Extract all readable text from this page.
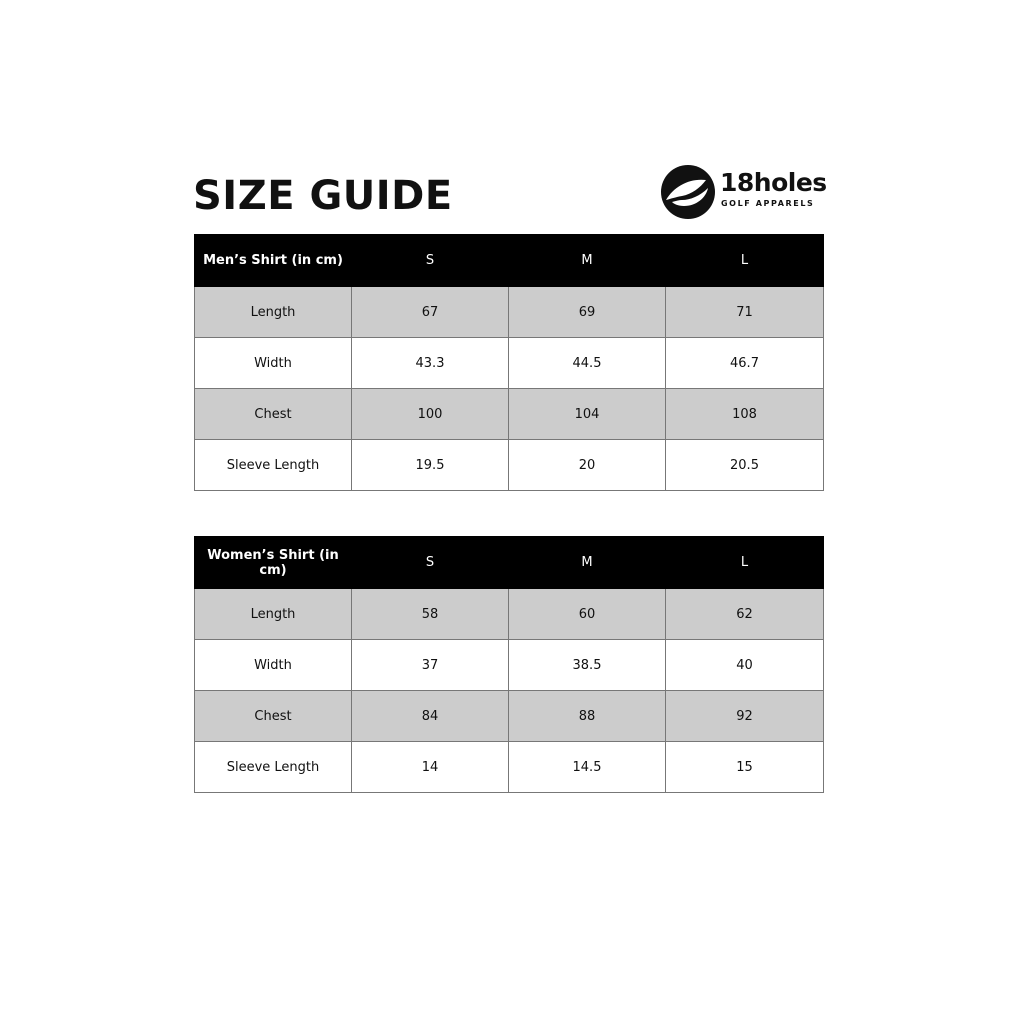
SIZE GUIDE	18holes
GOLF APPARELS
Men’s Shirt (in cm)	S	M	L
Length	67	69	71
Width	43.3	44.5	46.7
Chest	100	104	108
Sleeve Length	19.5	20	20.5
Women’s Shirt (in cm)	S	M	L
Length	58	60	62
Width	37	38.5	40
Chest	84	88	92
Sleeve Length	14	14.5	15
